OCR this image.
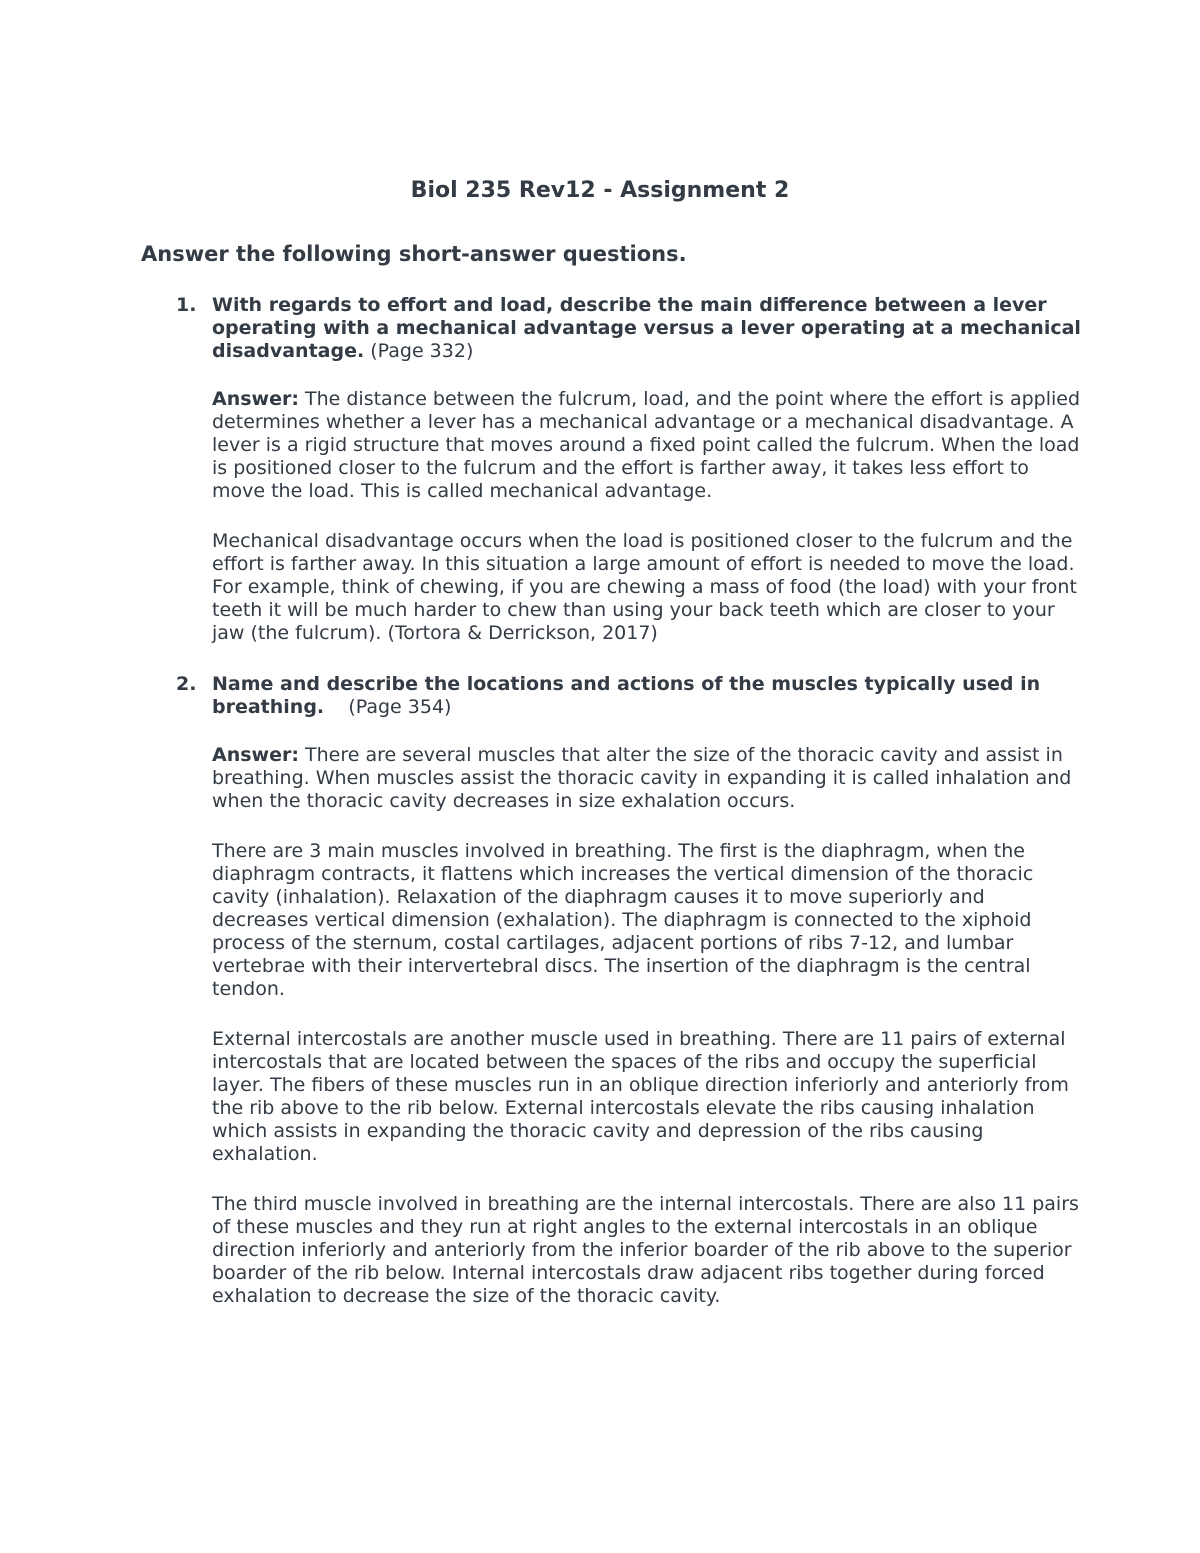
Biol 235 Rev12 - Assignment 2
Answer the following short-answer questions.
1. With regards to effort and load, describe the main difference between a lever operating with a mechanical advantage versus a lever operating at a mechanical disadvantage. (Page 332)

Answer: The distance between the fulcrum, load, and the point where the effort is applied determines whether a lever has a mechanical advantage or a mechanical disadvantage. A lever is a rigid structure that moves around a fixed point called the fulcrum. When the load is positioned closer to the fulcrum and the effort is farther away, it takes less effort to move the load. This is called mechanical advantage.

Mechanical disadvantage occurs when the load is positioned closer to the fulcrum and the effort is farther away. In this situation a large amount of effort is needed to move the load. For example, think of chewing, if you are chewing a mass of food (the load) with your front teeth it will be much harder to chew than using your back teeth which are closer to your jaw (the fulcrum). (Tortora & Derrickson, 2017)

2. Name and describe the locations and actions of the muscles typically used in breathing.    (Page 354)

Answer: There are several muscles that alter the size of the thoracic cavity and assist in breathing. When muscles assist the thoracic cavity in expanding it is called inhalation and when the thoracic cavity decreases in size exhalation occurs.

There are 3 main muscles involved in breathing. The first is the diaphragm, when the diaphragm contracts, it flattens which increases the vertical dimension of the thoracic cavity (inhalation). Relaxation of the diaphragm causes it to move superiorly and decreases vertical dimension (exhalation). The diaphragm is connected to the xiphoid process of the sternum, costal cartilages, adjacent portions of ribs 7-12, and lumbar vertebrae with their intervertebral discs. The insertion of the diaphragm is the central tendon.

External intercostals are another muscle used in breathing. There are 11 pairs of external intercostals that are located between the spaces of the ribs and occupy the superficial layer. The fibers of these muscles run in an oblique direction inferiorly and anteriorly from the rib above to the rib below. External intercostals elevate the ribs causing inhalation which assists in expanding the thoracic cavity and depression of the ribs causing exhalation.

The third muscle involved in breathing are the internal intercostals. There are also 11 pairs of these muscles and they run at right angles to the external intercostals in an oblique direction inferiorly and anteriorly from the inferior boarder of the rib above to the superior boarder of the rib below. Internal intercostals draw adjacent ribs together during forced exhalation to decrease the size of the thoracic cavity.
